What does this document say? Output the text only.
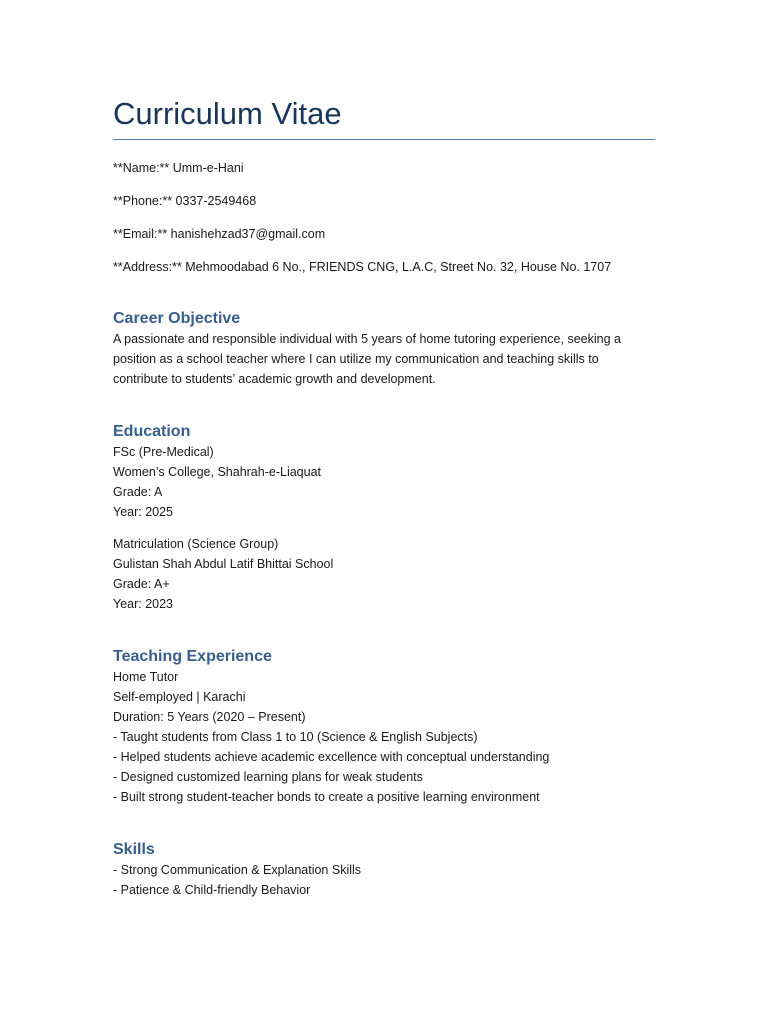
Curriculum Vitae
**Name:** Umm-e-Hani
**Phone:** 0337-2549468
**Email:** hanishehzad37@gmail.com
**Address:** Mehmoodabad 6 No., FRIENDS CNG, L.A.C, Street No. 32, House No. 1707
Career Objective
A passionate and responsible individual with 5 years of home tutoring experience, seeking a
position as a school teacher where I can utilize my communication and teaching skills to
contribute to students’ academic growth and development.
Education
FSc (Pre-Medical)
Women’s College, Shahrah-e-Liaquat
Grade: A
Year: 2025
Matriculation (Science Group)
Gulistan Shah Abdul Latif Bhittai School
Grade: A+
Year: 2023
Teaching Experience
Home Tutor
Self-employed | Karachi
Duration: 5 Years (2020 – Present)
- Taught students from Class 1 to 10 (Science & English Subjects)
- Helped students achieve academic excellence with conceptual understanding
- Designed customized learning plans for weak students
- Built strong student-teacher bonds to create a positive learning environment
Skills
- Strong Communication & Explanation Skills
- Patience & Child-friendly Behavior
